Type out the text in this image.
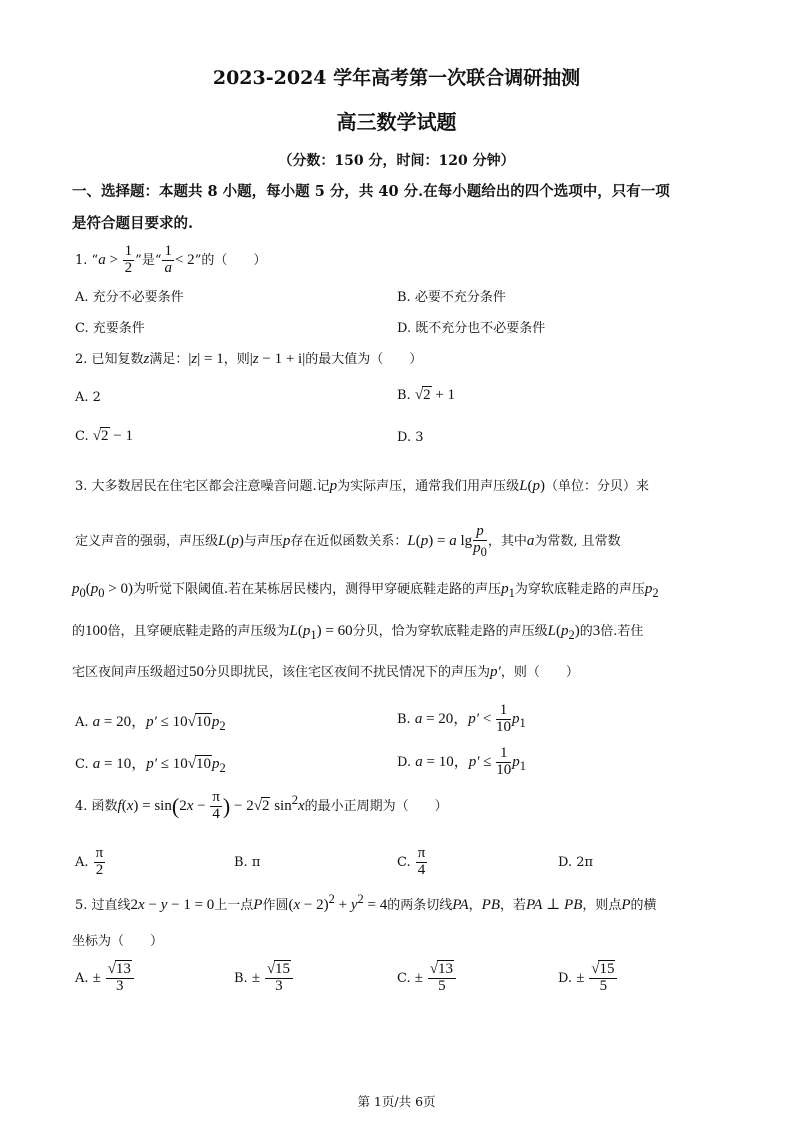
2023-2024 学年高考第一次联合调研抽测
高三数学试题
（分数：150 分，时间：120 分钟）
一、选择题：本题共 8 小题，每小题 5 分，共 40 分.在每小题给出的四个选项中，只有一项
是符合题目要求的.
1. “$a > \frac{1}{2}$ ”是“ $\frac{1}{a} < 2$”的（　　）
A. 充分不必要条件	B. 必要不充分条件
C. 充要条件	D. 既不充分也不必要条件
2. 已知复数z满足：|z| = 1，则|z − 1 + i|的最大值为（　　）
A. 2	B. √2 + 1
C. √2 − 1	D. 3
3. 大多数居民在住宅区都会注意噪音问题.记p为实际声压，通常我们用声压级L(p)（单位：分贝）来
定义声音的强弱，声压级L(p)与声压p存在近似函数关系：L(p) = a $\lg \frac{p}{p_0}$ ，其中a为常数, 且常数
$p_0(p_0 > 0)$为听觉下限阈值.若在某栋居民楼内，测得甲穿硬底鞋走路的声压$p_1$为穿软底鞋走路的声压$p_2$
的100倍，且穿硬底鞋走路的声压级为$L(p_1) = 60$分贝，恰为穿软底鞋走路的声压级$L(p_2)$的3倍.若住
宅区夜间声压级超过50分贝即扰民，该住宅区夜间不扰民情况下的声压为p′，则（　　）
A. a = 20，$p' \le 10√10p_2$	B. a = 20，$p' < \frac{1}{10} p_1$
C. a = 10，$p' \le 10√10p_2$	D. a = 10，$p' \le \frac{1}{10} p_1$
4. 函数$f(x) = \sin(2x - \frac{\pi}{4}$ ) − 2√2 $\sin^2x$的最小正周期为（　　）
A. $\frac{\pi}{2}$	B. π	C. $\frac{\pi}{4}$	D. 2π
5. 过直线2x − y − 1 = 0上一点P作圆$(x - 2)^2 + y^2 = 4$的两条切线PA，PB，若PA ⊥ PB，则点P的横
坐标为（　　）
A. ± $\frac{√13}{3}$	B. ± $\frac{√15}{3}$	C. ± $\frac{√13}{5}$	D. ± $\frac{√15}{5}$
第 1页/共 6页
